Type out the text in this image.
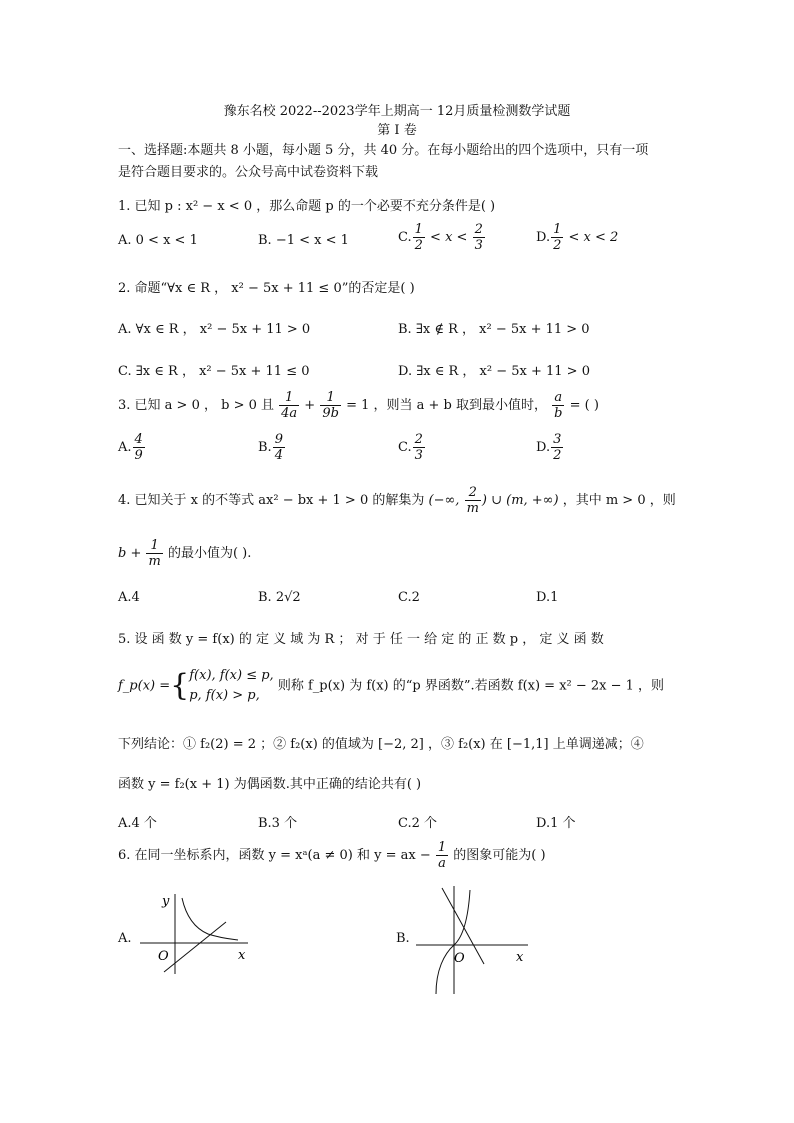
豫东名校 2022--2023学年上期高一 12月质量检测数学试题
第 I 卷
一、选择题:本题共 8 小题，每小题 5 分，共 40 分。在每小题给出的四个选项中，只有一项
是符合题目要求的。公众号高中试卷资料下载
1. 已知 p : x² − x < 0 ，那么命题 p 的一个必要不充分条件是( )
A. 0 < x < 1	B. −1 < x < 1	C. $\frac{1}{2} < x < \frac{2}{3}$	D. $\frac{1}{2} < x < 2$
2. 命题“∀x ∈ R ， x² − 5x + 11 ≤ 0”的否定是( )
A. ∀x ∈ R ， x² − 5x + 11 > 0	B. ∃x ∉ R ， x² − 5x + 11 > 0
C. ∃x ∈ R ， x² − 5x + 11 ≤ 0	D. ∃x ∈ R ， x² − 5x + 11 > 0
3. 已知 a > 0 ， b > 0 且 $\frac{1}{4a} + \frac{1}{9b} = 1$ ，则当 a + b 取到最小值时， $\frac{a}{b}$ = ( )
A. $\frac{4}{9}$	B. $\frac{9}{4}$	C. $\frac{2}{3}$	D. $\frac{3}{2}$
4. 已知关于 x 的不等式 ax² − bx + 1 > 0 的解集为 (−∞, $\frac{2}{m}$ ) ∪ (m, +∞) ，其中 m > 0 ，则
$b + \frac{1}{m}$ 的最小值为( ).
A.4	B. 2√2	C.2	D.1
5. 设 函 数 y = f(x) 的 定 义 域 为 R ； 对 于 任 一 给 定 的 正 数 p ， 定 义 函 数
f_p(x) ={ f(x), f(x) ≤ p,
p, f(x) > p,
则称 f_p(x) 为 f(x) 的“p 界函数”.若函数 f(x) = x² − 2x − 1 ，则
下列结论：① f₂(2) = 2 ；② f₂(x) 的值域为 [−2, 2] ，③ f₂(x) 在 [−1,1] 上单调递减；④
函数 y = f₂(x + 1) 为偶函数.其中正确的结论共有( )
A.4 个	B.3 个	C.2 个	D.1 个
6. 在同一坐标系内，函数 y = xᵃ(a ≠ 0) 和 y = ax − $\frac{1}{a}$ 的图象可能为( )
A.	B.
y
x
O	O	x
